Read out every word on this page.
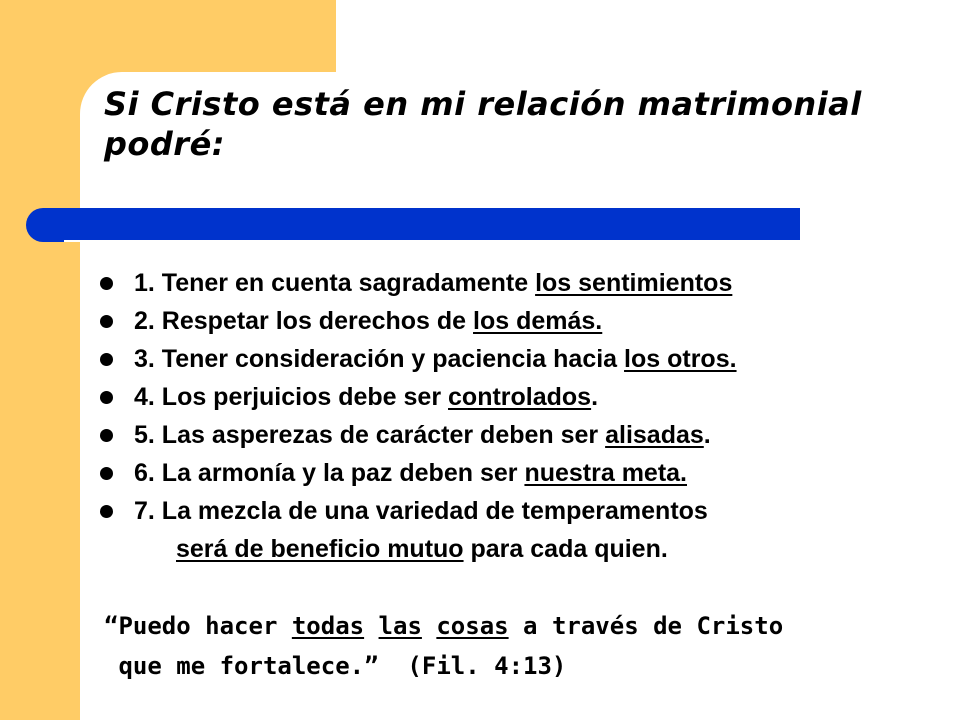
Si Cristo está en mi relación matrimonial podré:
1. Tener en cuenta sagradamente los sentimientos
2. Respetar los derechos de los demás.
3. Tener consideración y paciencia hacia los otros.
4. Los perjuicios debe ser controlados.
5. Las asperezas de carácter deben ser alisadas.
6. La armonía y la paz deben ser nuestra meta.
7. La mezcla de una variedad de temperamentos
será de beneficio mutuo para cada quien.
“Puedo hacer todas las cosas a través de Cristo
que me fortalece.”  (Fil. 4:13)
